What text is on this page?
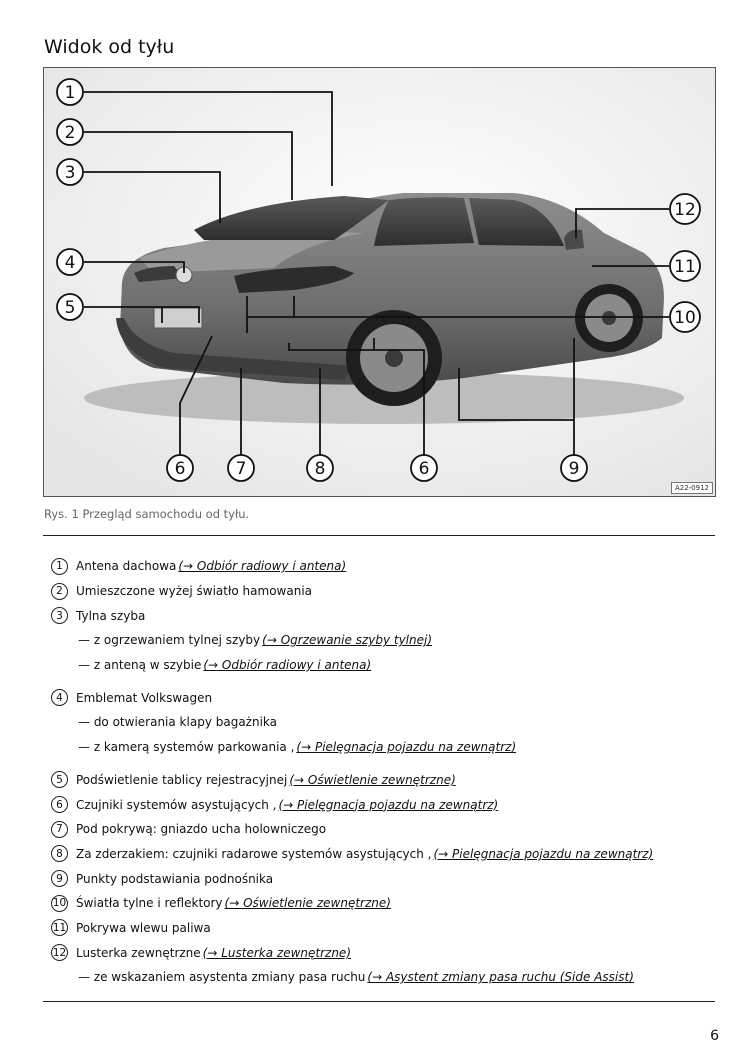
Widok od tyłu
1
2
3
4
5
6	7	8	6	9
10
11
12
A22-0912
Rys. 1 Przegląd samochodu od tyłu.
1	Antena dachowa (→ Odbiór radiowy i antena)
2	Umieszczone wyżej światło hamowania
3	Tylna szyba
— z ogrzewaniem tylnej szyby (→ Ogrzewanie szyby tylnej)
— z anteną w szybie (→ Odbiór radiowy i antena)
4	Emblemat Volkswagen
— do otwierania klapy bagażnika
— z kamerą systemów parkowania , (→ Pielęgnacja pojazdu na zewnątrz)
5	Podświetlenie tablicy rejestracyjnej (→ Oświetlenie zewnętrzne)
6	Czujniki systemów asystujących , (→ Pielęgnacja pojazdu na zewnątrz)
7	Pod pokrywą: gniazdo ucha holowniczego
8	Za zderzakiem: czujniki radarowe systemów asystujących , (→ Pielęgnacja pojazdu na zewnątrz)
9	Punkty podstawiania podnośnika
10 Światła tylne i reflektory (→ Oświetlenie zewnętrzne)
11 Pokrywa wlewu paliwa
12 Lusterka zewnętrzne (→ Lusterka zewnętrzne)
— ze wskazaniem asystenta zmiany pasa ruchu (→ Asystent zmiany pasa ruchu (Side Assist)
6
